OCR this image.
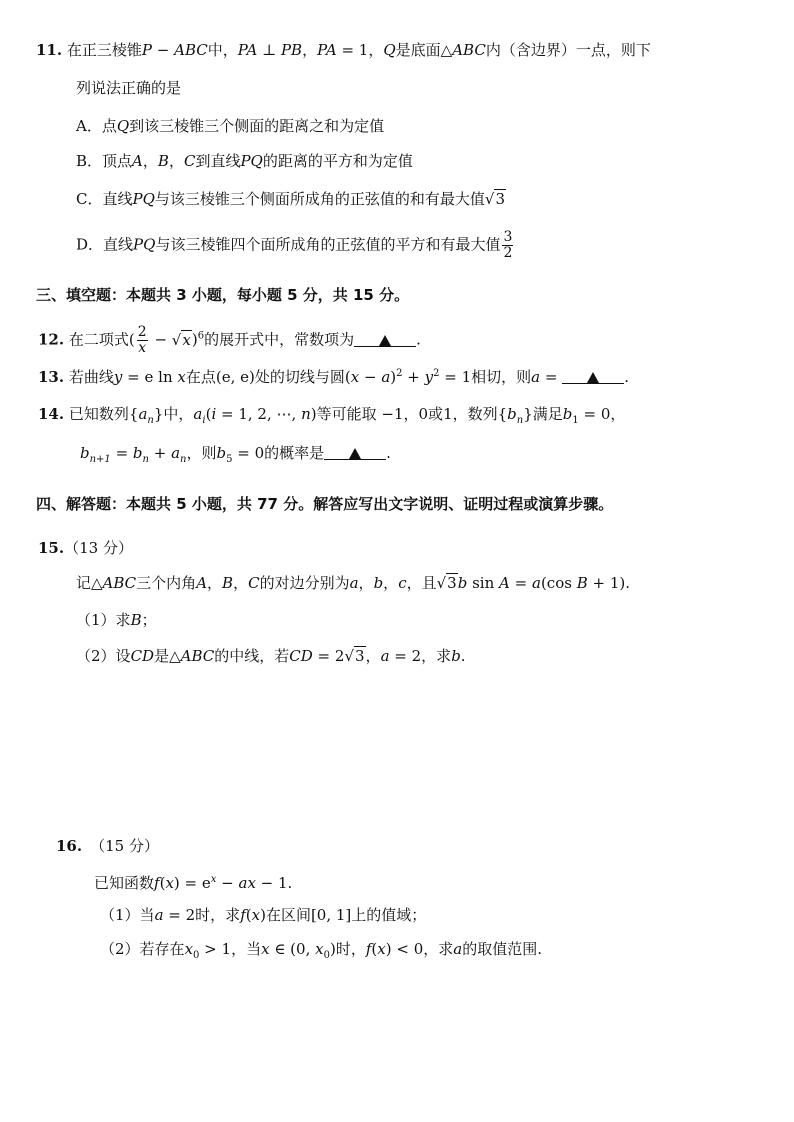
11. 在正三棱锥P − ABC中，PA ⊥ PB，PA = 1，Q是底面△ABC内（含边界）一点，则下
列说法正确的是
A．点Q到该三棱锥三个侧面的距离之和为定值
B．顶点A，B，C到直线PQ的距离的平方和为定值
C．直线PQ与该三棱锥三个侧面所成角的正弦值的和有最大值√3
D．直线PQ与该三棱锥四个面所成角的正弦值的平方和有最大值 $\frac{3}{2}$
三、填空题：本题共 3 小题，每小题 5 分，共 15 分。
12. 在二项式( $\frac{2}{x} - √x)^6$的展开式中，常数项为	.
13. 若曲线y = e ln x在点(e, e)处的切线与圆$(x - a)^2 + y^2 = 1$相切，则a =	.
14. 已知数列$\{a_n\}$中，$a_i(i = 1$, 2, ⋯, n)等可能取 −1，0或1，数列$\{b_n\}$满足$b_1 = 0$，
$b_{n+1} = b_n + a_n$，则$b_5 = 0$的概率是	.
四、解答题：本题共 5 小题，共 77 分。解答应写出文字说明、证明过程或演算步骤。
15.（13 分）
记△ABC三个内角A，B，C的对边分别为a，b，c，且√3b sin A = a(cos B + 1).
（1）求B；
（2）设CD是△ABC的中线，若CD = 2√3，a = 2，求b.
16. （15 分）
已知函数$f(x) = e^x$ − ax − 1.
（1）当a = 2时，求f(x)在区间[0, 1]上的值域；
（2）若存在$x_0 > 1$，当x ∈ (0, $x_0$)时，f(x) < 0，求a的取值范围.
